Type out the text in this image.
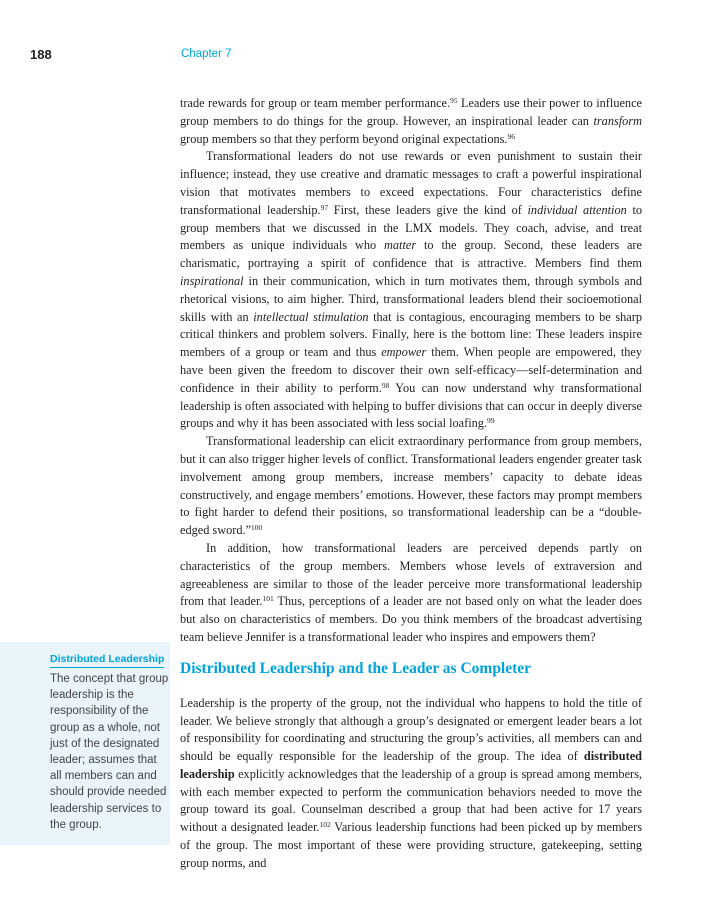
188	Chapter 7

trade rewards for group or team member performance.$^{95}$ Leaders use their power to influence group members to do things for the group. However, an inspirational leader can transform group members so that they perform beyond original expectations.$^{96}$

Transformational leaders do not use rewards or even punishment to sustain their influence; instead, they use creative and dramatic messages to craft a powerful inspirational vision that motivates members to exceed expectations. Four characteristics define transformational leadership.$^{97}$ First, these leaders give the kind of individual attention to group members that we discussed in the LMX models. They coach, advise, and treat members as unique individuals who matter to the group. Second, these leaders are charismatic, portraying a spirit of confidence that is attractive. Members find them inspirational in their communication, which in turn motivates them, through symbols and rhetorical visions, to aim higher. Third, transformational leaders blend their socioemotional skills with an intellectual stimulation that is contagious, encouraging members to be sharp critical thinkers and problem solvers. Finally, here is the bottom line: These leaders inspire members of a group or team and thus empower them. When people are empowered, they have been given the freedom to discover their own self-efficacy—self-determination and confidence in their ability to perform.$^{98}$ You can now understand why transformational leadership is often associated with helping to buffer divisions that can occur in deeply diverse groups and why it has been associated with less social loafing.$^{99}$

Transformational leadership can elicit extraordinary performance from group members, but it can also trigger higher levels of conflict. Transformational leaders engender greater task involvement among group members, increase members’ capacity to debate ideas constructively, and engage members’ emotions. However, these factors may prompt members to fight harder to defend their positions, so transformational leadership can be a “double-edged sword.”$^{100}$

In addition, how transformational leaders are perceived depends partly on characteristics of the group members. Members whose levels of extraversion and agreeableness are similar to those of the leader perceive more transformational leadership from that leader.$^{101}$ Thus, perceptions of a leader are not based only on what the leader does but also on characteristics of members. Do you think members of the broadcast advertising team believe Jennifer is a transformational leader who inspires and empowers them?

Distributed Leadership and the Leader as Completer

Leadership is the property of the group, not the individual who happens to hold the title of leader. We believe strongly that although a group’s designated or emergent leader bears a lot of responsibility for coordinating and structuring the group’s activities, all members can and should be equally responsible for the leadership of the group. The idea of distributed leadership explicitly acknowledges that the leadership of a group is spread among members, with each member expected to perform the communication behaviors needed to move the group toward its goal. Counselman described a group that had been active for 17 years without a designated leader.$^{102}$ Various leadership functions had been picked up by members of the group. The most important of these were providing structure, gatekeeping, setting group norms, and

Distributed Leadership
The concept that group leadership is the responsibility of the group as a whole, not just of the designated leader; assumes that all members can and should provide needed leadership services to the group.
